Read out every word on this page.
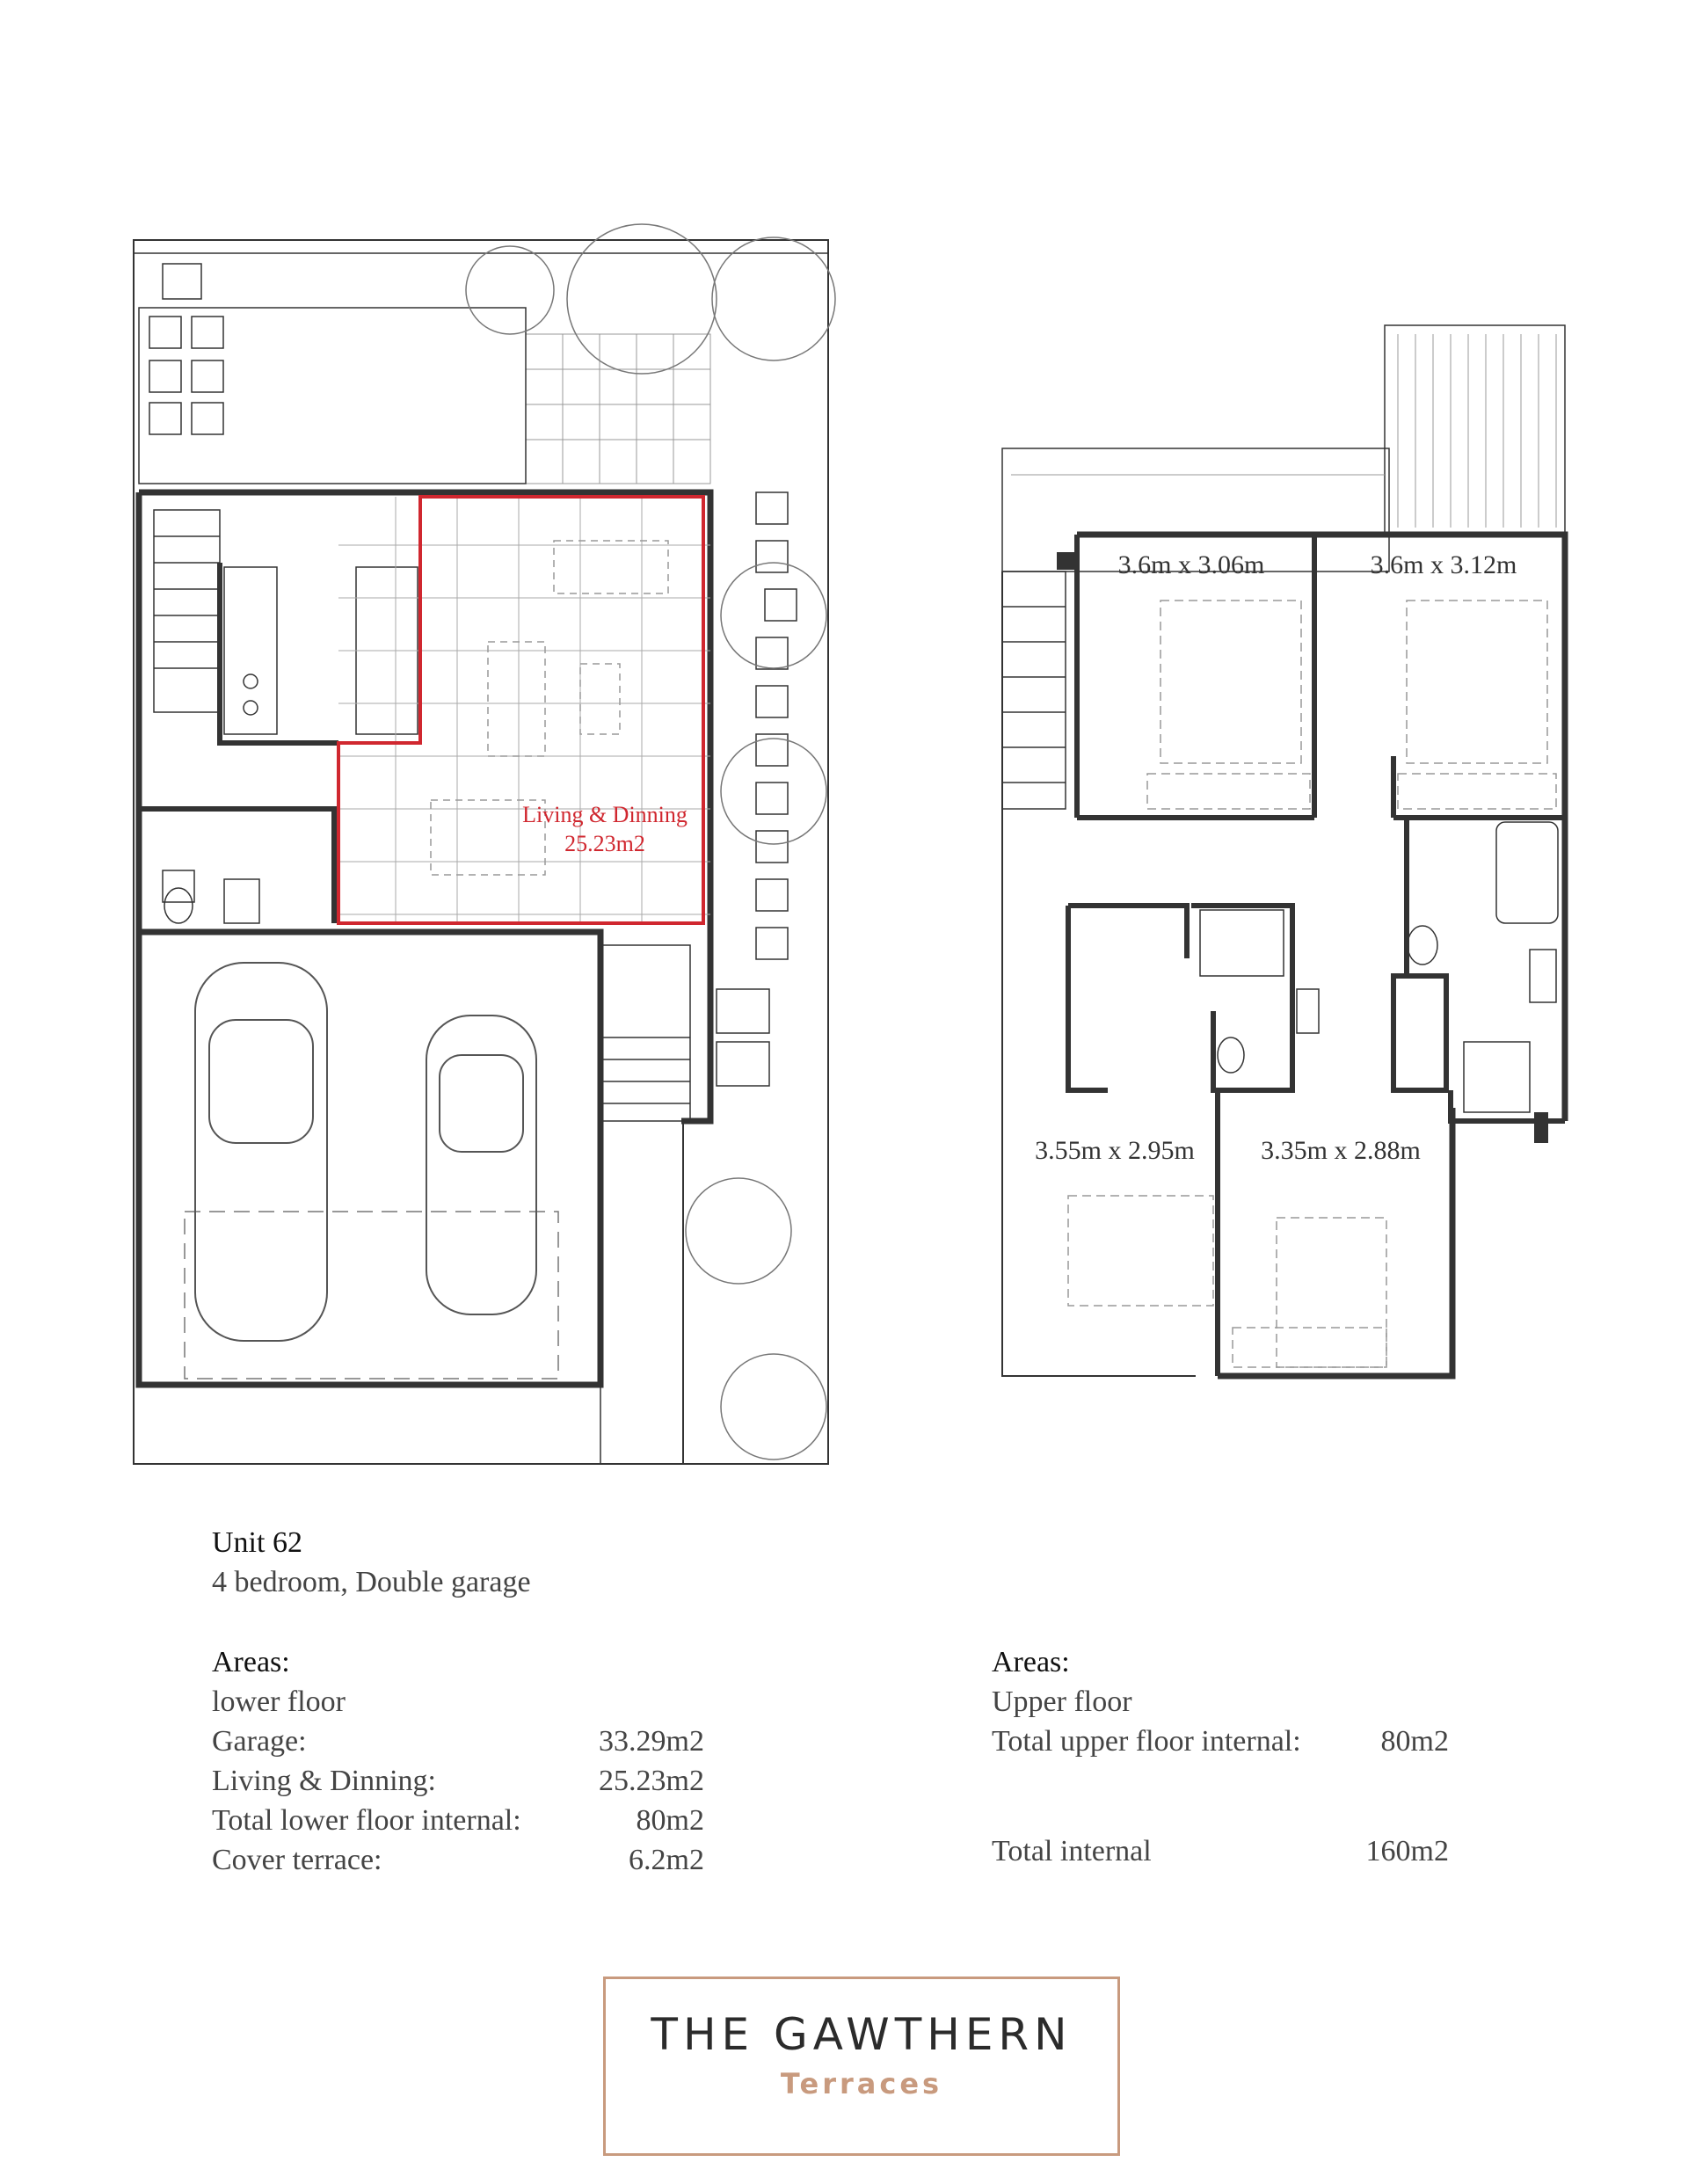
Living & Dinning
25.23m2
3.6m x 3.06m	3.6m x 3.12m
3.55m x 2.95m	3.35m x 2.88m
Unit 62
4 bedroom, Double garage
Areas:
lower floor
Garage:	33.29m2
Living & Dinning:	25.23m2
Total lower floor internal:	80m2
Cover terrace:	6.2m2
Areas:
Upper floor
Total upper floor internal:	80m2
Total internal	160m2
THE GAWTHERN
Terraces
